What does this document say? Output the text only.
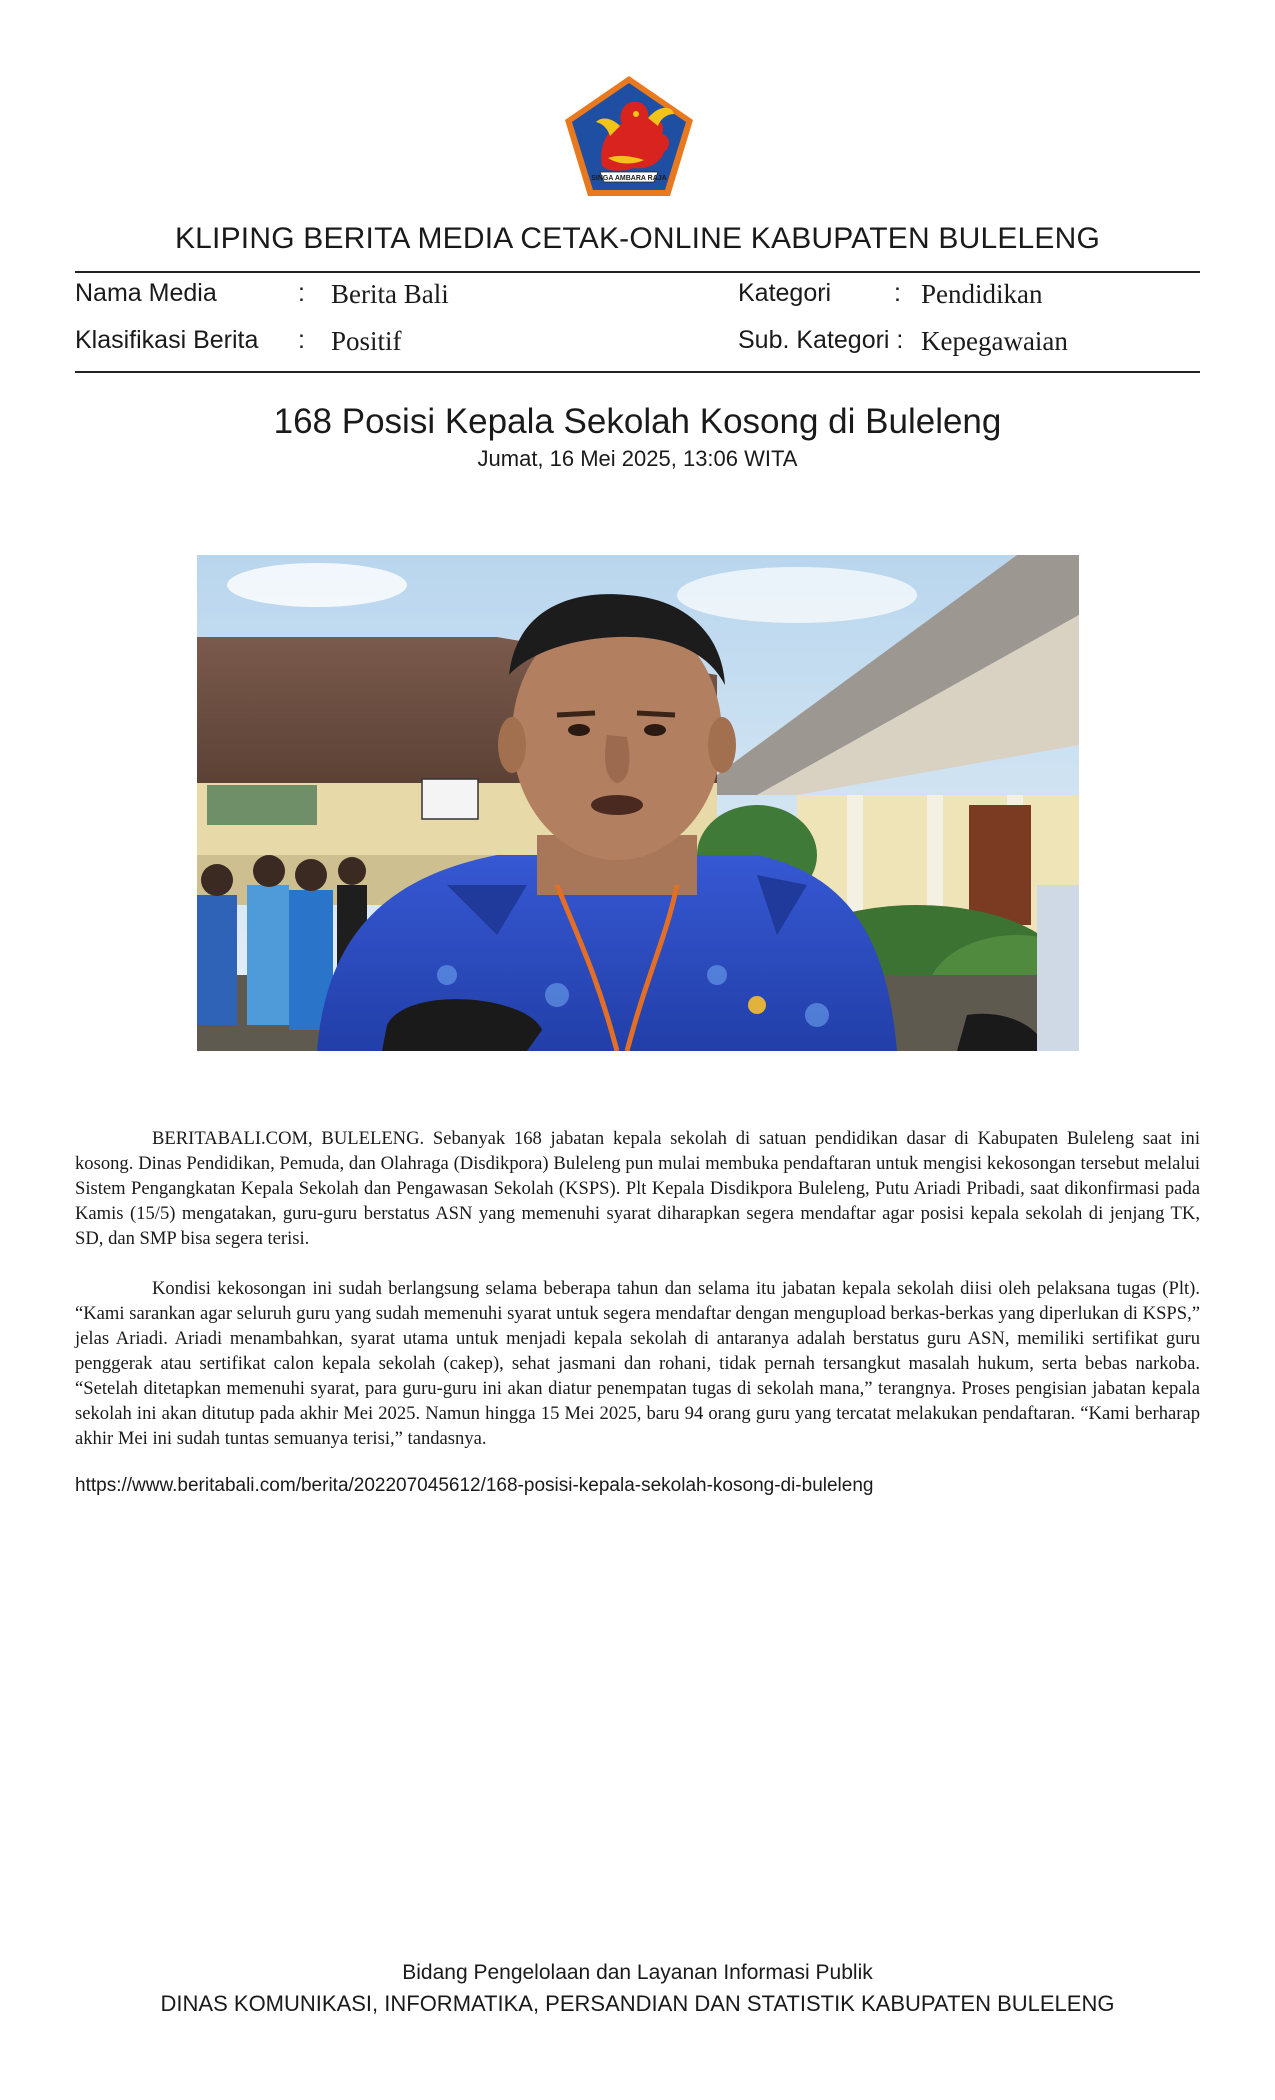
SINGA AMBARA RAJA
KLIPING BERITA MEDIA CETAK-ONLINE KABUPATEN BULELENG
Nama Media	: Berita Bali	Kategori	: Pendidikan
Klasifikasi Berita : Positif	Sub. Kategori : Kepegawaian
168 Posisi Kepala Sekolah Kosong di Buleleng
Jumat, 16 Mei 2025, 13:06 WITA

BERITABALI.COM, BULELENG. Sebanyak 168 jabatan kepala sekolah di satuan pendidikan dasar di Kabupaten Buleleng saat ini kosong. Dinas Pendidikan, Pemuda, dan Olahraga (Disdikpora) Buleleng pun mulai membuka pendaftaran untuk mengisi kekosongan tersebut melalui Sistem Pengangkatan Kepala Sekolah dan Pengawasan Sekolah (KSPS). Plt Kepala Disdikpora Buleleng, Putu Ariadi Pribadi, saat dikonfirmasi pada Kamis (15/5) mengatakan, guru-guru berstatus ASN yang memenuhi syarat diharapkan segera mendaftar agar posisi kepala sekolah di jenjang TK, SD, dan SMP bisa segera terisi.

Kondisi kekosongan ini sudah berlangsung selama beberapa tahun dan selama itu jabatan kepala sekolah diisi oleh pelaksana tugas (Plt). “Kami sarankan agar seluruh guru yang sudah memenuhi syarat untuk segera mendaftar dengan mengupload berkas-berkas yang diperlukan di KSPS,” jelas Ariadi. Ariadi menambahkan, syarat utama untuk menjadi kepala sekolah di antaranya adalah berstatus guru ASN, memiliki sertifikat guru penggerak atau sertifikat calon kepala sekolah (cakep), sehat jasmani dan rohani, tidak pernah tersangkut masalah hukum, serta bebas narkoba. “Setelah ditetapkan memenuhi syarat, para guru-guru ini akan diatur penempatan tugas di sekolah mana,” terangnya. Proses pengisian jabatan kepala sekolah ini akan ditutup pada akhir Mei 2025. Namun hingga 15 Mei 2025, baru 94 orang guru yang tercatat melakukan pendaftaran. “Kami berharap akhir Mei ini sudah tuntas semuanya terisi,” tandasnya.

https://www.beritabali.com/berita/202207045612/168-posisi-kepala-sekolah-kosong-di-buleleng
Bidang Pengelolaan dan Layanan Informasi Publik
DINAS KOMUNIKASI, INFORMATIKA, PERSANDIAN DAN STATISTIK KABUPATEN BULELENG
